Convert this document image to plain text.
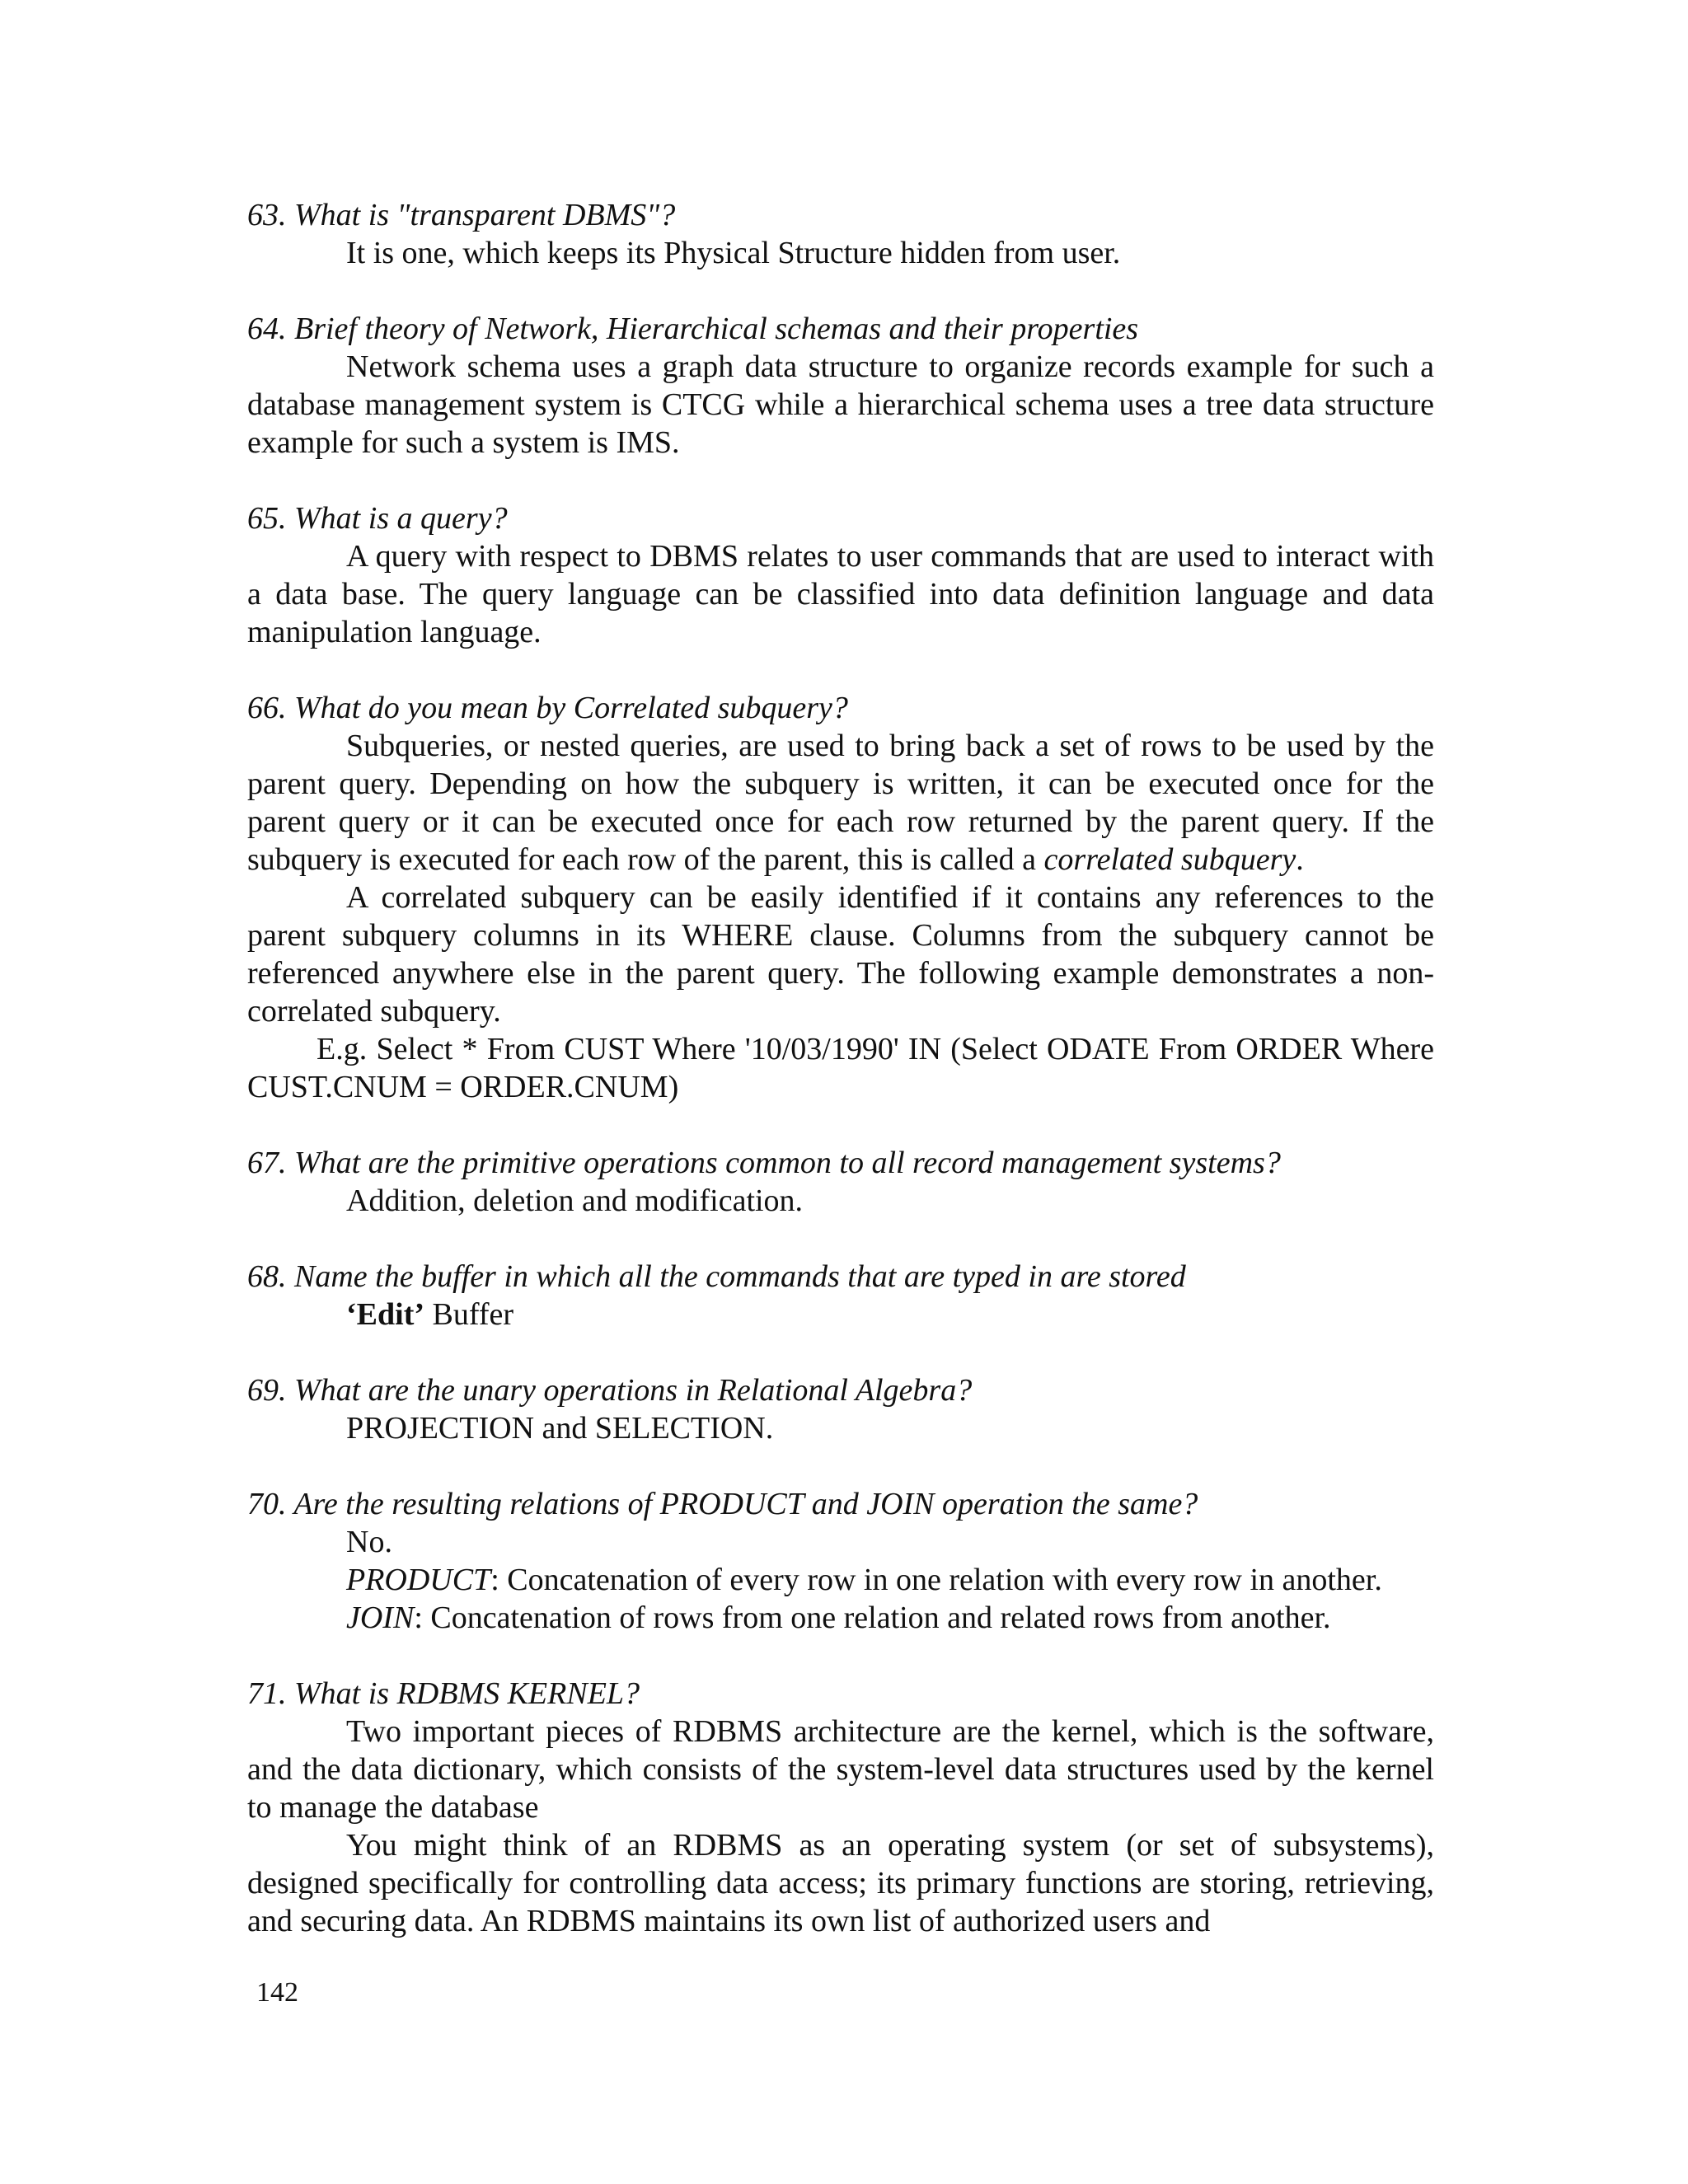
63. What is "transparent DBMS"?

It is one, which keeps its Physical Structure hidden from user.

64. Brief theory of Network, Hierarchical schemas and their properties

Network schema uses a graph data structure to organize records example for such a database management system is CTCG while a hierarchical schema uses a tree data structure example for such a system is IMS.

65. What is a query?

A query with respect to DBMS relates to user commands that are used to interact with a data base. The query language can be classified into data definition language and data manipulation language.

66. What do you mean by Correlated subquery?

Subqueries, or nested queries, are used to bring back a set of rows to be used by the parent query. Depending on how the subquery is written, it can be executed once for the parent query or it can be executed once for each row returned by the parent query. If the subquery is executed for each row of the parent, this is called a correlated subquery.

A correlated subquery can be easily identified if it contains any references to the parent subquery columns in its WHERE clause. Columns from the subquery cannot be referenced anywhere else in the parent query. The following example demonstrates a non-correlated subquery.

E.g. Select * From CUST Where '10/03/1990' IN (Select ODATE From ORDER Where CUST.CNUM = ORDER.CNUM)

67. What are the primitive operations common to all record management systems?

Addition, deletion and modification.

68. Name the buffer in which all the commands that are typed in are stored

‘Edit’ Buffer

69. What are the unary operations in Relational Algebra?

PROJECTION and SELECTION.

70. Are the resulting relations of PRODUCT and JOIN operation the same?

No.

PRODUCT: Concatenation of every row in one relation with every row in another.

JOIN: Concatenation of rows from one relation and related rows from another.

71. What is RDBMS KERNEL?

Two important pieces of RDBMS architecture are the kernel, which is the software, and the data dictionary, which consists of the system-level data structures used by the kernel to manage the database

You might think of an RDBMS as an operating system (or set of subsystems), designed specifically for controlling data access; its primary functions are storing, retrieving, and securing data. An RDBMS maintains its own list of authorized users and

142
